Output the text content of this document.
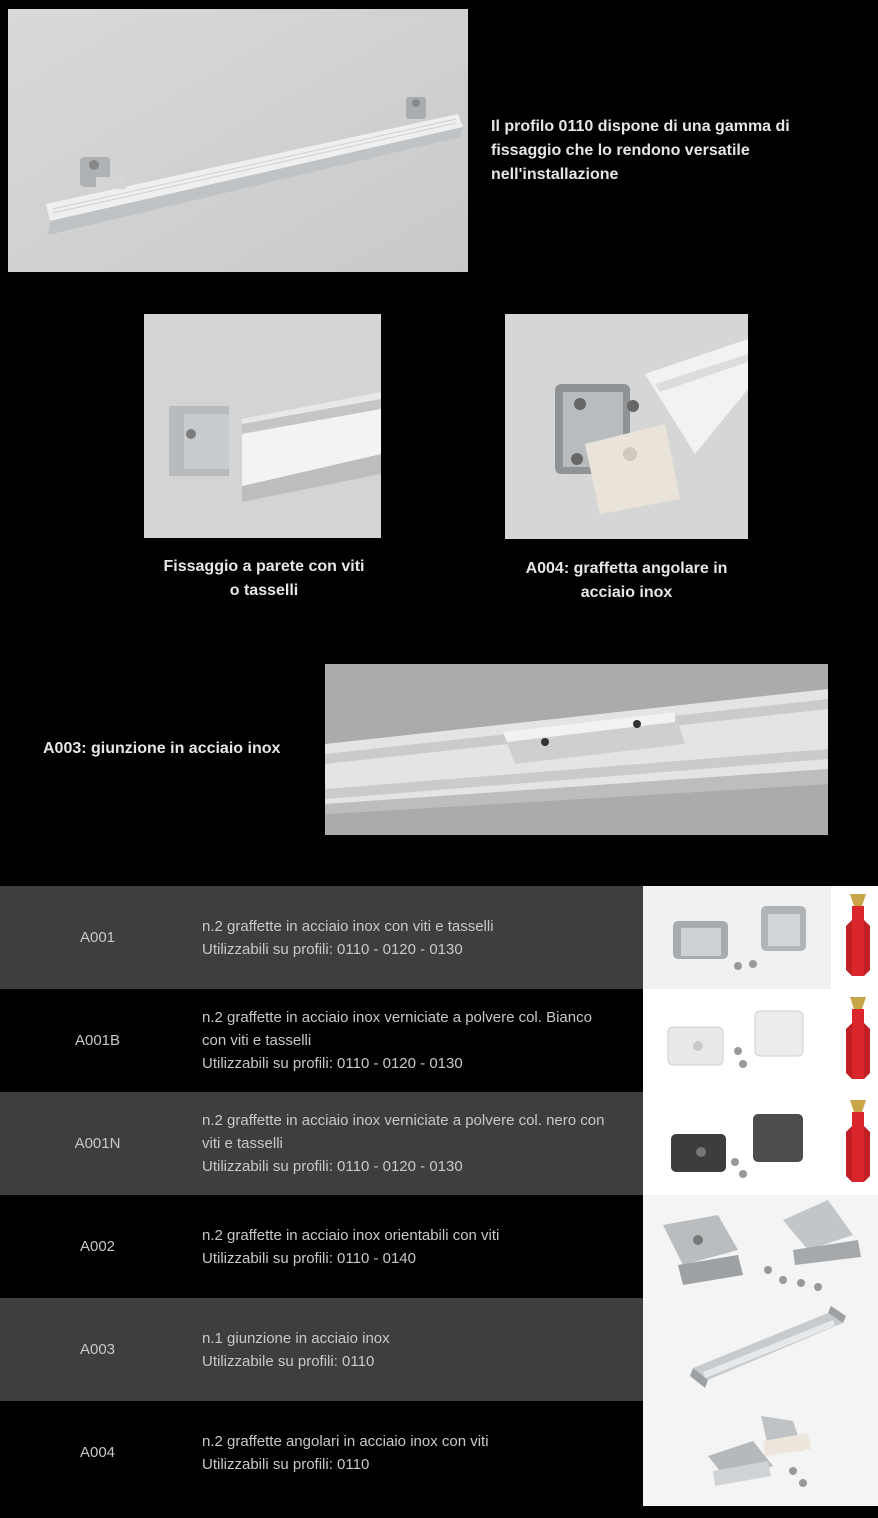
Il profilo 0110 dispone di una gamma di
fissaggio che lo rendono versatile
nell'installazione
Fissaggio a parete con viti
o tasselli
A004: graffetta angolare in
acciaio inox
A003: giunzione in acciaio inox
A001
n.2 graffette in acciaio inox con viti e tasselli
Utilizzabili su profili: 0110 - 0120 - 0130
A001B
n.2 graffette in acciaio inox verniciate a polvere col. Bianco
con viti e tasselli
Utilizzabili su profili: 0110 - 0120 - 0130
A001N
n.2 graffette in acciaio inox verniciate a polvere col. nero con
viti e tasselli
Utilizzabili su profili: 0110 - 0120 - 0130
A002
n.2 graffette in acciaio inox orientabili con viti
Utilizzabili su profili: 0110 - 0140
A003
n.1 giunzione in acciaio inox
Utilizzabile su profili: 0110
A004
n.2 graffette angolari in acciaio inox con viti
Utilizzabili su profili: 0110
